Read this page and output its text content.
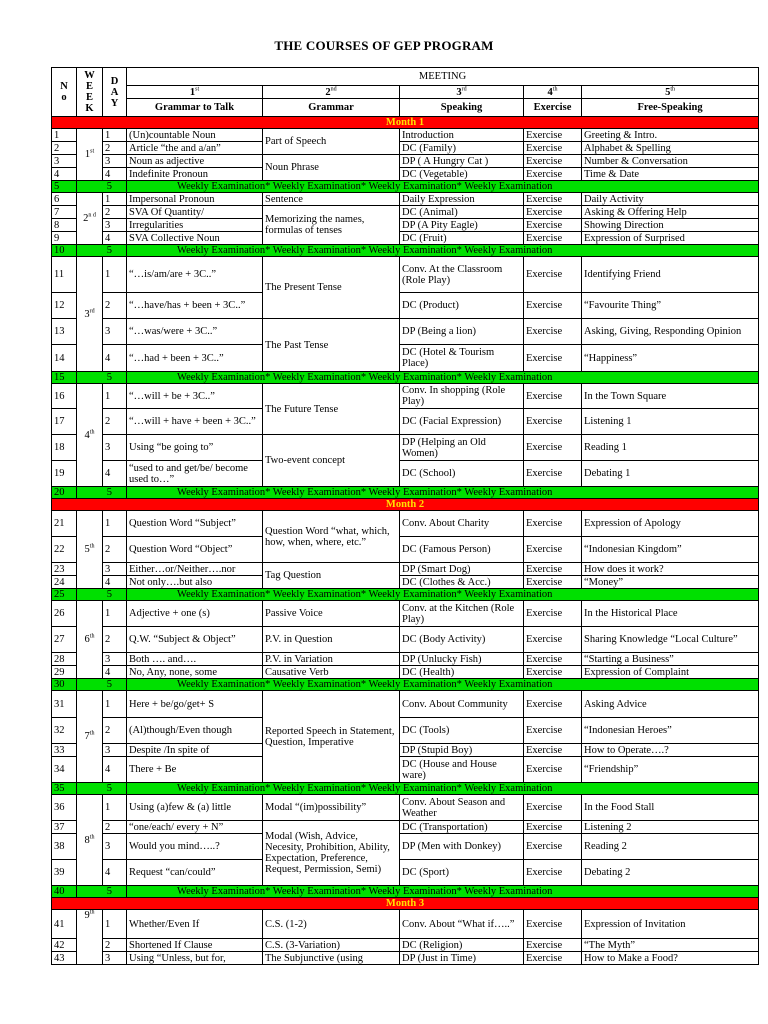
THE COURSES OF GEP PROGRAM
N o	W E E K	D A Y	MEETING				
			1st	2nd	3rd	4th	5th
			Grammar to Talk	Grammar	Speaking	Exercise	Free-Speaking
Month 1							
1	1st	1	(Un)countable Noun	Part of Speech	Introduction	Exercise	Greeting & Intro.
2		2	Article “the and a/an”		DC (Family)	Exercise	Alphabet & Spelling
3		3	Noun as adjective	Noun Phrase	DP ( A Hungry Cat )	Exercise	Number & Conversation
4		4	Indefinite Pronoun		DC (Vegetable)	Exercise	Time & Date
5	5		Weekly Examination* Weekly Examination* Weekly Examination* Weekly Examination				
6	$2^{n d}$	1	Impersonal Pronoun	Sentence	Daily Expression	Exercise	Daily Activity
7		2	SVA Of Quantity/	Memorizing the names, formulas of tenses	DC (Animal)	Exercise	Asking & Offering Help
8		3	Irregularities		DP (A Pity Eagle)	Exercise	Showing Direction
9		4	SVA Collective Noun		DC (Fruit)	Exercise	Expression of Surprised
10	5		Weekly Examination* Weekly Examination* Weekly Examination* Weekly Examination				
11	3rd	1	“…is/am/are + 3C..”	The Present Tense	Conv. At the Classroom (Role Play)	Exercise	Identifying Friend
12		2	“…have/has + been + 3C..”		DC (Product)	Exercise	“Favourite Thing”
13		3	“…was/were + 3C..”	The Past Tense	DP (Being a lion)	Exercise	Asking, Giving, Responding Opinion
14		4	“…had + been + 3C..”		DC (Hotel & Tourism Place)	Exercise	“Happiness”
15	5		Weekly Examination* Weekly Examination* Weekly Examination* Weekly Examination				
16	4th	1	“…will + be + 3C..”	The Future Tense	Conv. In shopping (Role Play)	Exercise	In the Town Square
17		2	“…will + have + been + 3C..”		DC (Facial Expression)	Exercise	Listening 1
18		3	Using “be going to”	Two-event concept	DP (Helping an Old Women)	Exercise	Reading 1
19		4	“used to and get/be/ become used to…”		DC (School)	Exercise	Debating 1
20	5		Weekly Examination* Weekly Examination* Weekly Examination* Weekly Examination				
Month 2							
21	5th	1	Question Word “Subject”	Question Word “what, which, how, when, where, etc.”	Conv. About Charity	Exercise	Expression of Apology
22		2	Question Word “Object”		DC (Famous Person)	Exercise	“Indonesian Kingdom”
23		3	Either…or/Neither….nor	Tag Question	DP (Smart Dog)	Exercise	How does it work?
24		4	Not only….but also		DC (Clothes & Acc.)	Exercise	“Money”
25	5		Weekly Examination* Weekly Examination* Weekly Examination* Weekly Examination				
26	6th	1	Adjective + one (s)	Passive Voice	Conv. at the Kitchen (Role Play)	Exercise	In the Historical Place
27		2	Q.W. “Subject & Object”	P.V. in Question	DC (Body Activity)	Exercise	Sharing Knowledge “Local Culture”
28		3	Both …. and….	P.V. in Variation	DP (Unlucky Fish)	Exercise	“Starting a Business”
29		4	No, Any, none, some	Causative Verb	DC (Health)	Exercise	Expression of Complaint
30	5		Weekly Examination* Weekly Examination* Weekly Examination* Weekly Examination				
31	7th	1	Here + be/go/get+ S	Reported Speech in Statement, Question, Imperative	Conv. About Community	Exercise	Asking Advice
32		2	(Al)though/Even though		DC (Tools)	Exercise	“Indonesian Heroes”
33		3	Despite /In spite of		DP (Stupid Boy)	Exercise	How to Operate….?
34		4	There + Be		DC (House and House ware)	Exercise	“Friendship”
35	5		Weekly Examination* Weekly Examination* Weekly Examination* Weekly Examination				
36	8th	1	Using (a)few & (a) little	Modal “(im)possibility”	Conv. About Season and Weather	Exercise	In the Food Stall
37		2	“one/each/ every + N”	Modal (Wish, Advice, Necesity, Prohibition, Ability, Expectation, Preference, Request, Permission, Semi)	DC (Transportation)	Exercise	Listening 2
38		3	Would you mind…..?		DP (Men with Donkey)	Exercise	Reading 2
39		4	Request “can/could”		DC (Sport)	Exercise	Debating 2
40	5		Weekly Examination* Weekly Examination* Weekly Examination* Weekly Examination				
Month 3							
41	9th	1	Whether/Even If	C.S. (1-2)	Conv. About “What if…..”	Exercise	Expression of Invitation
42		2	Shortened If Clause	C.S. (3-Variation)	DC (Religion)	Exercise	“The Myth”
43		3	Using “Unless, but for,	The Subjunctive (using	DP (Just in Time)	Exercise	How to Make a Food?
